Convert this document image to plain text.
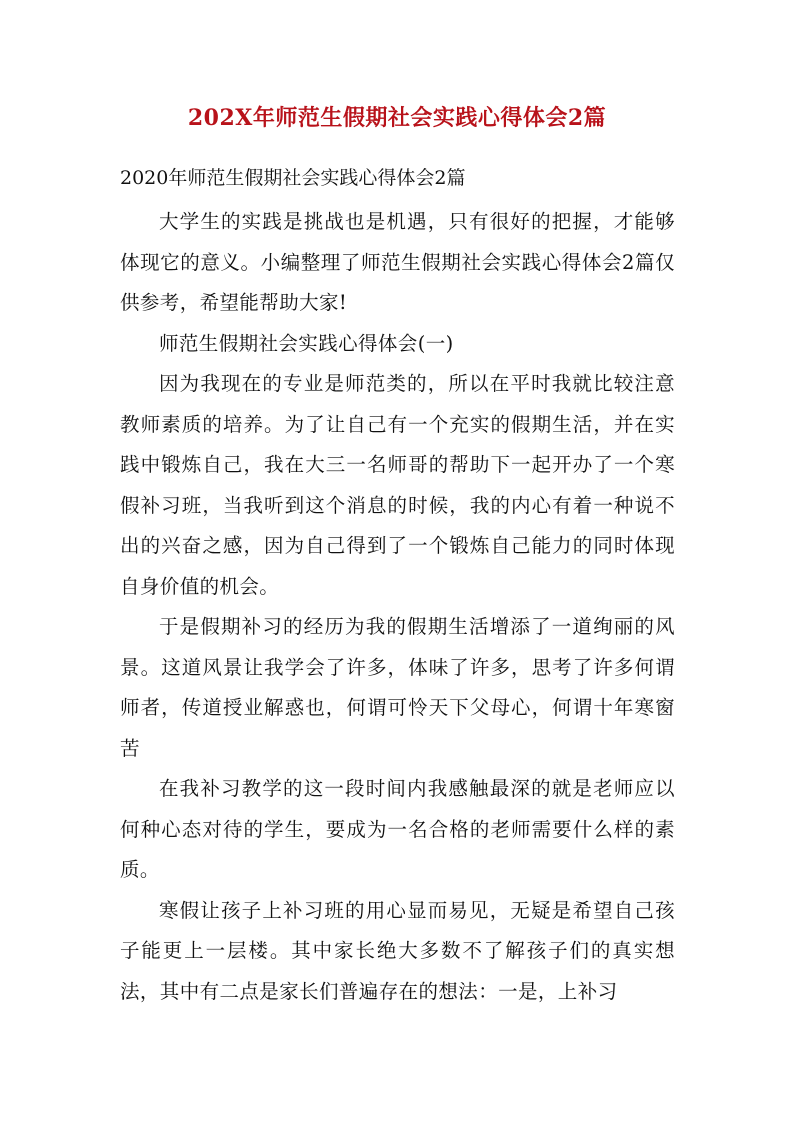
202X年师范生假期社会实践心得体会2篇

2020年师范生假期社会实践心得体会2篇

大学生的实践是挑战也是机遇，只有很好的把握，才能够体现它的意义。小编整理了师范生假期社会实践心得体会2篇仅供参考，希望能帮助大家!

师范生假期社会实践心得体会(一)

因为我现在的专业是师范类的，所以在平时我就比较注意教师素质的培养。为了让自己有一个充实的假期生活，并在实践中锻炼自己，我在大三一名师哥的帮助下一起开办了一个寒假补习班，当我听到这个消息的时候，我的内心有着一种说不出的兴奋之感，因为自己得到了一个锻炼自己能力的同时体现自身价值的机会。

于是假期补习的经历为我的假期生活增添了一道绚丽的风景。这道风景让我学会了许多，体味了许多，思考了许多何谓师者，传道授业解惑也，何谓可怜天下父母心，何谓十年寒窗苦

在我补习教学的这一段时间内我感触最深的就是老师应以何种心态对待的学生，要成为一名合格的老师需要什么样的素质。

寒假让孩子上补习班的用心显而易见，无疑是希望自己孩子能更上一层楼。其中家长绝大多数不了解孩子们的真实想法，其中有二点是家长们普遍存在的想法：一是，上补习
